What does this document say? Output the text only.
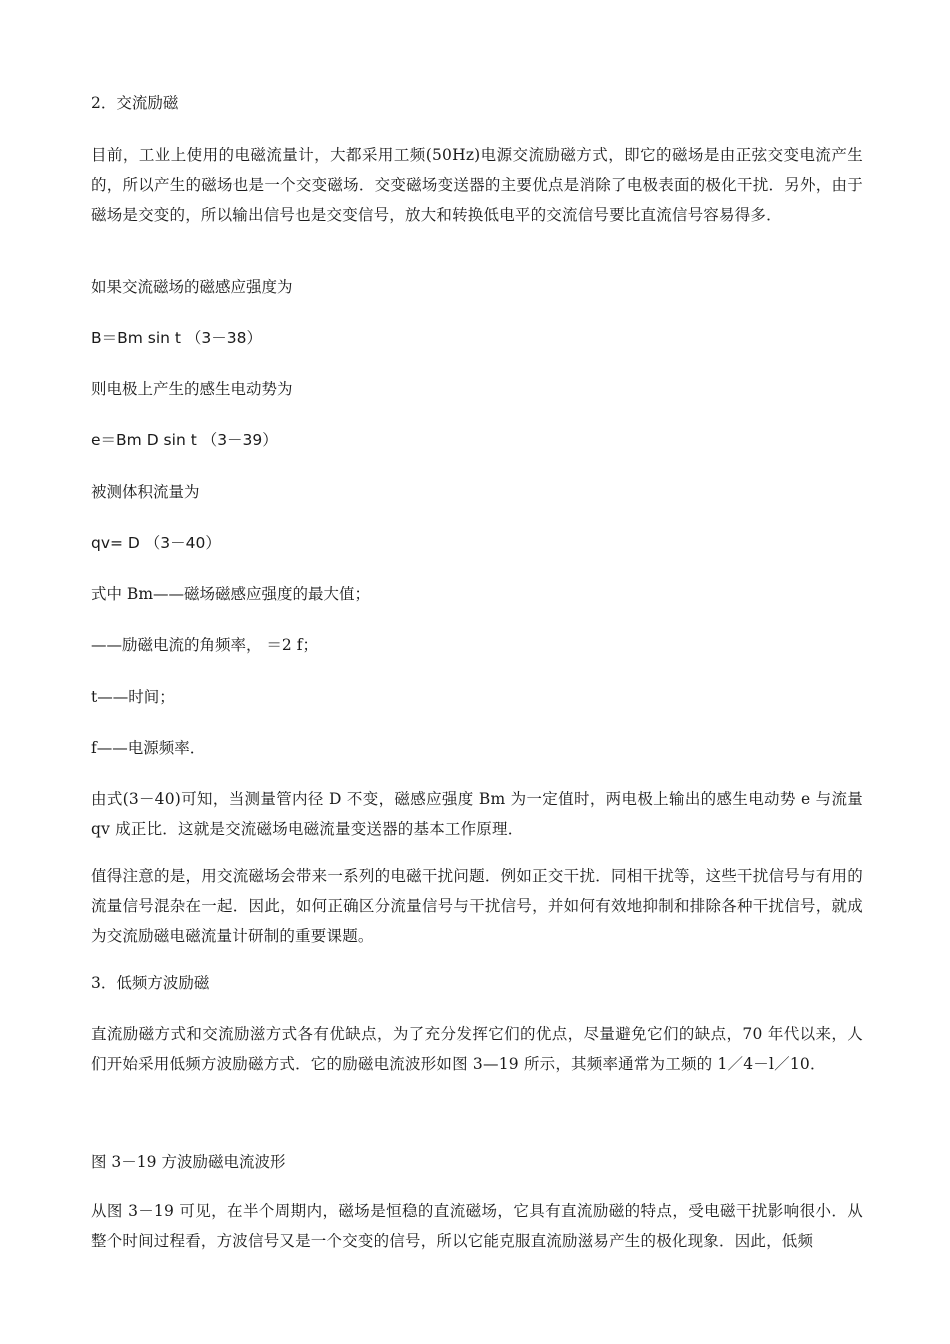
2．交流励磁
目前，工业上使用的电磁流量计，大都采用工频(50Hz)电源交流励磁方式，即它的磁场是由正弦交变电流产生的，所以产生的磁场也是一个交变磁场．交变磁场变送器的主要优点是消除了电极表面的极化干扰．另外，由于磁场是交变的，所以输出信号也是交变信号，放大和转换低电平的交流信号要比直流信号容易得多．
如果交流磁场的磁感应强度为
B＝Bm sin t （3－38）
则电极上产生的感生电动势为
e＝Bm D sin t （3－39）
被测体积流量为
qv= D （3－40）
式中 Bm——磁场磁感应强度的最大值；
——励磁电流的角频率， ＝2 f；
t——时间；
f——电源频率．
由式(3－40)可知，当测量管内径 D 不变，磁感应强度 Bm 为一定值时，两电极上输出的感生电动势 e 与流量 qv 成正比．这就是交流磁场电磁流量变送器的基本工作原理．
值得注意的是，用交流磁场会带来一系列的电磁干扰问题．例如正交干扰．同相干扰等，这些干扰信号与有用的流量信号混杂在一起．因此，如何正确区分流量信号与干扰信号，并如何有效地抑制和排除各种干扰信号，就成为交流励磁电磁流量计研制的重要课题。
3．低频方波励磁
直流励磁方式和交流励滋方式各有优缺点，为了充分发挥它们的优点，尽量避免它们的缺点，70 年代以来，人们开始采用低频方波励磁方式．它的励磁电流波形如图 3—19 所示，其频率通常为工频的 1／4－l／10．
图 3－19 方波励磁电流波形
从图 3－19 可见，在半个周期内，磁场是恒稳的直流磁场，它具有直流励磁的特点，受电磁干扰影响很小．从整个时间过程看，方波信号又是一个交变的信号，所以它能克服直流励滋易产生的极化现象．因此，低频
